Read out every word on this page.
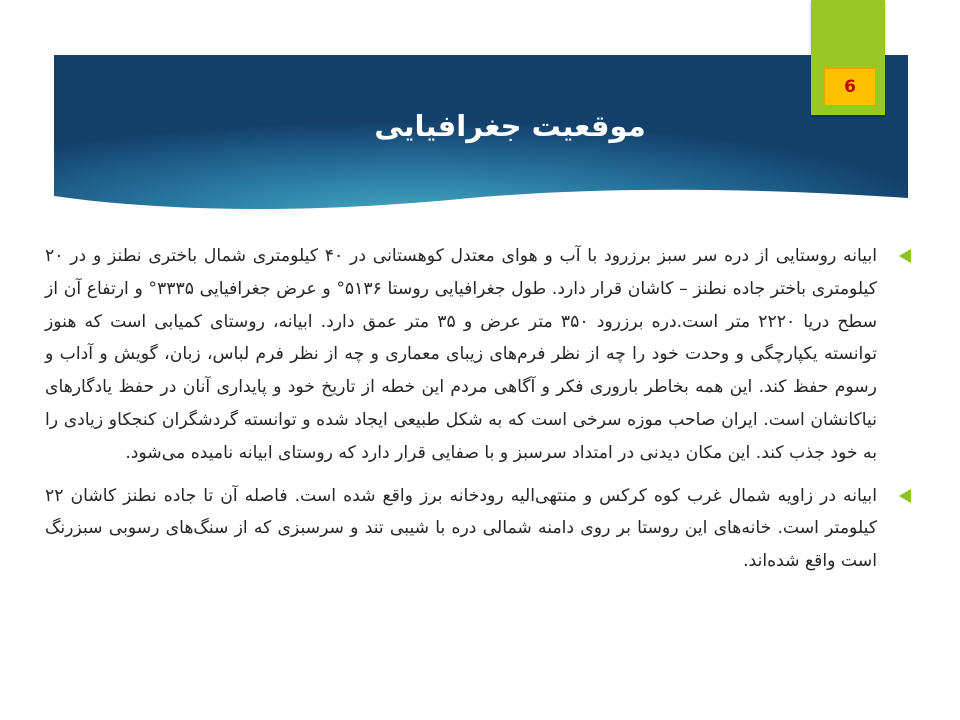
موقعیت جغرافیایی
6

ابیانه روستایی از دره سر سبز برزرود با آب و هوای معتدل کوهستانی در ۴۰ کیلومتری شمال باختری نطنز و در ۲۰ کیلومتری باختر جاده نطنز – کاشان قرار دارد. طول جغرافیایی روستا ۵۱۳۶° و عرض جغرافیایی ۳۳۳۵° و ارتفاع آن از سطح دریا ۲۲۲۰ متر است.دره برزرود ۳۵۰ متر عرض و ۳۵ متر عمق دارد. ابیانه، روستای کمیابی است که هنوز توانسته یکپارچگی و وحدت خود را چه از نظر فرم‌های زیبای معماری و چه از نظر فرم لباس، زبان، گویش و آداب و رسوم حفظ کند. این همه بخاطر باروری فکر و آگاهی مردم این خطه از تاریخ خود و پایداری آنان در حفظ یادگارهای نیاکانشان است. ایران صاحب موزه سرخی است که به شکل طبیعی ایجاد شده و توانسته گردشگران کنجکاو زیادی را به خود جذب کند. این مکان دیدنی در امتداد سرسبز و با صفایی قرار دارد که روستای ابیانه نامیده می‌شود.

ابیانه در زاویه شمال غرب کوه کرکس و منتهی‌الیه رودخانه برز واقع شده است. فاصله آن تا جاده نطنز کاشان ۲۲ کیلومتر است. خانه‌های این روستا بر روی دامنه شمالی دره با شیبی تند و سرسبزی که از سنگ‌های رسوبی سبزرنگ است واقع شده‌اند.
